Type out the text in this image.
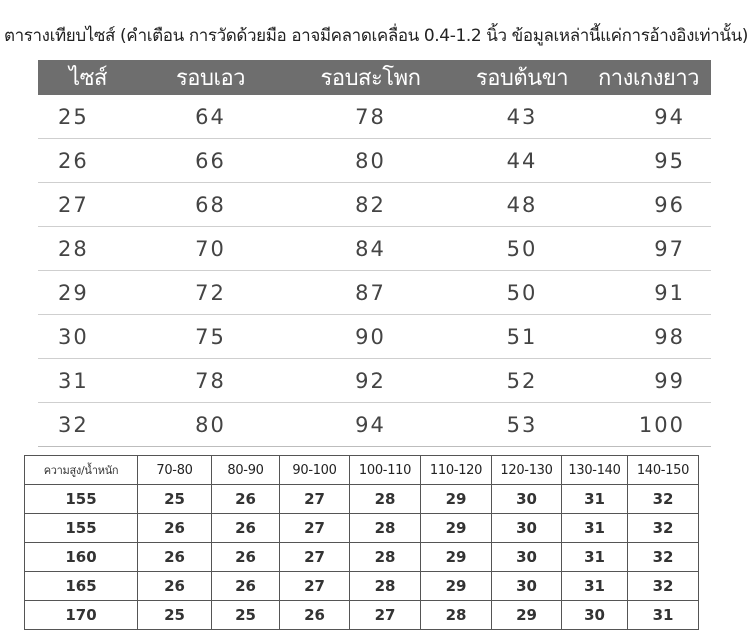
ตารางเทียบไซส์ (คำเตือน การวัดด้วยมือ อาจมีคลาดเคลื่อน 0.4-1.2 นิ้ว ข้อมูลเหล่านี้แค่การอ้างอิงเท่านั้น)
ไซส์	รอบเอว	รอบสะโพก	รอบต้นขา	กางเกงยาว
25	64	78	43	94
26	66	80	44	95
27	68	82	48	96
28	70	84	50	97
29	72	87	50	91
30	75	90	51	98
31	78	92	52	99
32	80	94	53	100
ความสูง/น้ำหนัก	70-80	80-90	90-100	100-110	110-120	120-130	130-140	140-150
155	25	26	27	28	29	30	31	32
155	26	26	27	28	29	30	31	32
160	26	26	27	28	29	30	31	32
165	26	26	27	28	29	30	31	32
170	25	25	26	27	28	29	30	31
